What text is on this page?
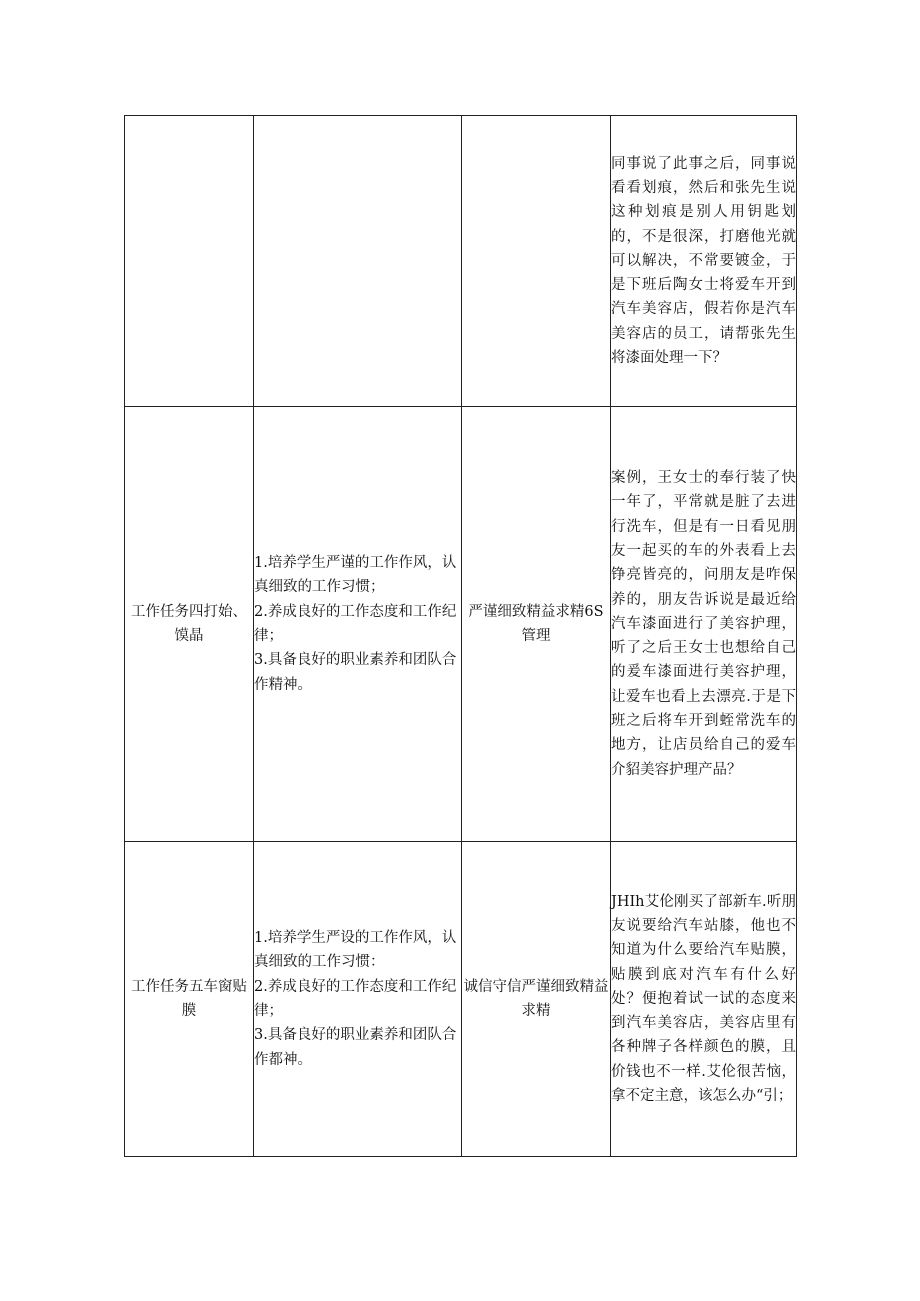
			同事说了此事之后，同事说看看划痕，然后和张先生说这种划痕是别人用钥匙划的，不是很深，打磨他光就可以解决，不常要镀金，于是下班后陶女士将爱车开到汽车美容店，假若你是汽车美容店的员工，请帮张先生将漆面处理一下？
工作任务四打始、馍晶	1.培养学生严谨的工作作风，认真细致的工作习惯；
2.养成良好的工作态度和工作纪律；
3.具备良好的职业素养和团队合作精神。	严谨细致精益求精6S管理	案例，王女士的奉行装了快一年了，平常就是脏了去进行洗车，但是有一日看见朋友一起买的车的外表看上去铮亮皆亮的，问朋友是咋保养的，朋友告诉说是最近给汽车漆面进行了美容护理，听了之后王女士也想给自己的爰车漆面进行美容护理，让爱车也看上去漂亮.于是下班之后将车开到蛭常洗车的地方，让店员给自己的爱车介貂美容护理产品？
工作任务五车窗贴膜	1.培养学生严设的工作作风，认真细致的工作习惯：
2.养成良好的工作态度和工作纪律；
3.具备良好的职业素养和团队合作都神。	诚信守信严谨细致精益求精	JHIh艾伦刚买了部新车.听朋友说要给汽车站膝，他也不知道为什么要给汽车贴膜，贴膜到底对汽车有什么好处？便抱着试一试的态度来到汽车美容店，美容店里有各种牌子各样颜色的膜，且价钱也不一样.艾伦很苦恼，拿不定主意，该怎么办“引；
